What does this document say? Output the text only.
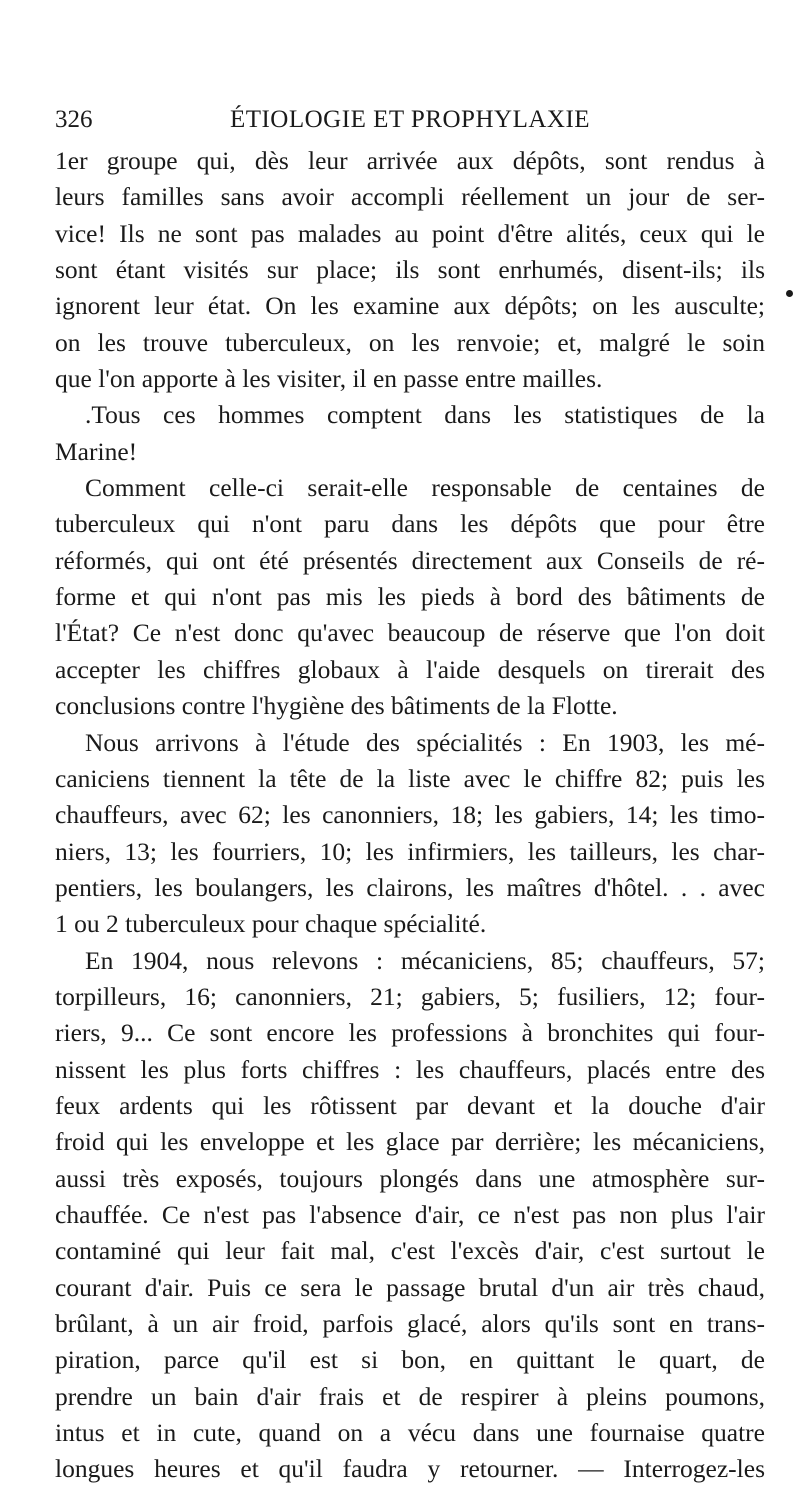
326	ÉTIOLOGIE ET PROPHYLAXIE
1er groupe qui, dès leur arrivée aux dépôts, sont rendus à
leurs familles sans avoir accompli réellement un jour de ser-
vice! Ils ne sont pas malades au point d'être alités, ceux qui le
sont étant visités sur place; ils sont enrhumés, disent-ils; ils
ignorent leur état. On les examine aux dépôts; on les ausculte;
on les trouve tuberculeux, on les renvoie; et, malgré le soin
que l'on apporte à les visiter, il en passe entre mailles.
.Tous ces hommes comptent dans les statistiques de la
Marine!
Comment celle-ci serait-elle responsable de centaines de
tuberculeux qui n'ont paru dans les dépôts que pour être
réformés, qui ont été présentés directement aux Conseils de ré-
forme et qui n'ont pas mis les pieds à bord des bâtiments de
l'État? Ce n'est donc qu'avec beaucoup de réserve que l'on doit
accepter les chiffres globaux à l'aide desquels on tirerait des
conclusions contre l'hygiène des bâtiments de la Flotte.
Nous arrivons à l'étude des spécialités : En 1903, les mé-
caniciens tiennent la tête de la liste avec le chiffre 82; puis les
chauffeurs, avec 62; les canonniers, 18; les gabiers, 14; les timo-
niers, 13; les fourriers, 10; les infirmiers, les tailleurs, les char-
pentiers, les boulangers, les clairons, les maîtres d'hôtel. . . avec
1 ou 2 tuberculeux pour chaque spécialité.
En 1904, nous relevons : mécaniciens, 85; chauffeurs, 57;
torpilleurs, 16; canonniers, 21; gabiers, 5; fusiliers, 12; four-
riers, 9... Ce sont encore les professions à bronchites qui four-
nissent les plus forts chiffres : les chauffeurs, placés entre des
feux ardents qui les rôtissent par devant et la douche d'air
froid qui les enveloppe et les glace par derrière; les mécaniciens,
aussi très exposés, toujours plongés dans une atmosphère sur-
chauffée. Ce n'est pas l'absence d'air, ce n'est pas non plus l'air
contaminé qui leur fait mal, c'est l'excès d'air, c'est surtout le
courant d'air. Puis ce sera le passage brutal d'un air très chaud,
brûlant, à un air froid, parfois glacé, alors qu'ils sont en trans-
piration, parce qu'il est si bon, en quittant le quart, de
prendre un bain d'air frais et de respirer à pleins poumons,
intus et in cute, quand on a vécu dans une fournaise quatre
longues heures et qu'il faudra y retourner. — Interrogez-les
